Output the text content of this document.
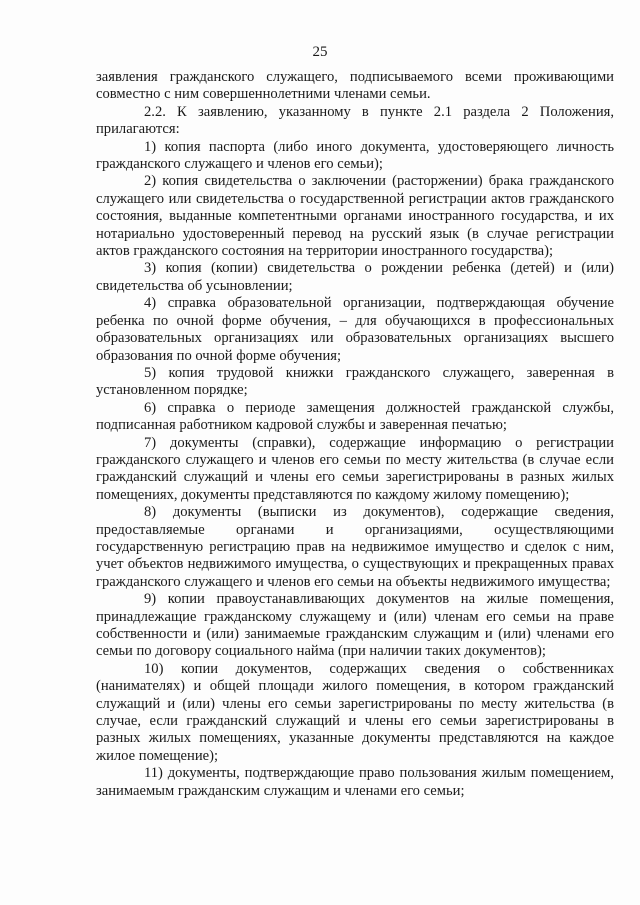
25

заявления гражданского служащего, подписываемого всеми проживающими совместно с ним совершеннолетними членами семьи.

2.2. К заявлению, указанному в пункте 2.1 раздела 2 Положения, прилагаются:

1) копия паспорта (либо иного документа, удостоверяющего личность гражданского служащего и членов его семьи);

2) копия свидетельства о заключении (расторжении) брака гражданского служащего или свидетельства о государственной регистрации актов гражданского состояния, выданные компетентными органами иностранного государства, и их нотариально удостоверенный перевод на русский язык (в случае регистрации актов гражданского состояния на территории иностранного государства);

3) копия (копии) свидетельства о рождении ребенка (детей) и (или) свидетельства об усыновлении;

4) справка образовательной организации, подтверждающая обучение ребенка по очной форме обучения, – для обучающихся в профессиональных образовательных организациях или образовательных организациях высшего образования по очной форме обучения;

5) копия трудовой книжки гражданского служащего, заверенная в установленном порядке;

6) справка о периоде замещения должностей гражданской службы, подписанная работником кадровой службы и заверенная печатью;

7) документы (справки), содержащие информацию о регистрации гражданского служащего и членов его семьи по месту жительства (в случае если гражданский служащий и члены его семьи зарегистрированы в разных жилых помещениях, документы представляются по каждому жилому помещению);

8) документы (выписки из документов), содержащие сведения, предоставляемые органами и организациями, осуществляющими государственную регистрацию прав на недвижимое имущество и сделок с ним, учет объектов недвижимого имущества, о существующих и прекращенных правах гражданского служащего и членов его семьи на объекты недвижимого имущества;

9) копии правоустанавливающих документов на жилые помещения, принадлежащие гражданскому служащему и (или) членам его семьи на праве собственности и (или) занимаемые гражданским служащим и (или) членами его семьи по договору социального найма (при наличии таких документов);

10) копии документов, содержащих сведения о собственниках (нанимателях) и общей площади жилого помещения, в котором гражданский служащий и (или) члены его семьи зарегистрированы по месту жительства (в случае, если гражданский служащий и члены его семьи зарегистрированы в разных жилых помещениях, указанные документы представляются на каждое жилое помещение);

11) документы, подтверждающие право пользования жилым помещением, занимаемым гражданским служащим и членами его семьи;
